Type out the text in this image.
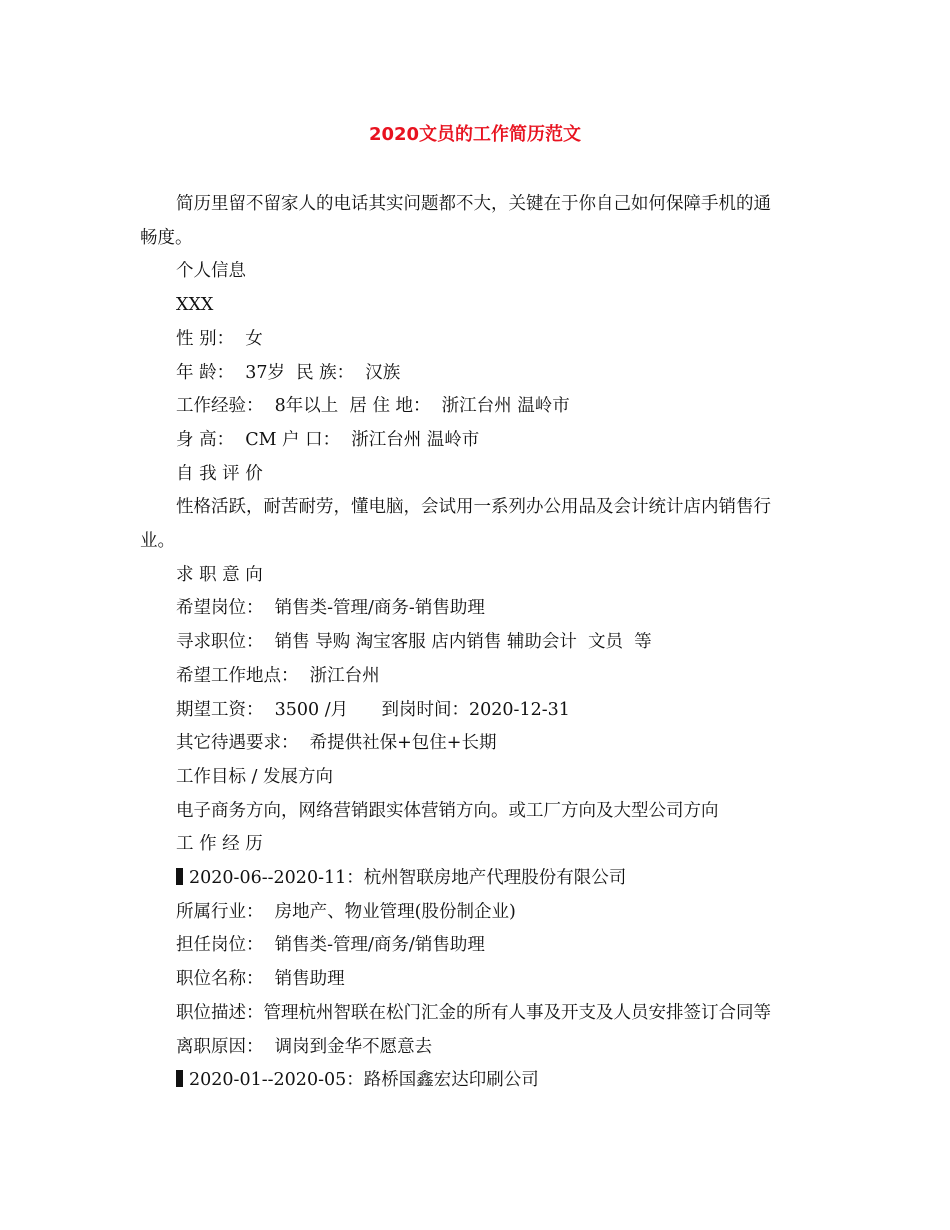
2020文员的工作简历范文

简历里留不留家人的电话其实问题都不大，关键在于你自己如何保障手机的通

畅度。

个人信息

XXX

性 别：  女

年 龄：  37岁  民 族：  汉族

工作经验：  8年以上  居 住 地：  浙江台州 温岭市

身 高：  CM 户 口：  浙江台州 温岭市

自 我 评 价

性格活跃，耐苦耐劳，懂电脑，会试用一系列办公用品及会计统计店内销售行

业。

求 职 意 向

希望岗位：  销售类-管理/商务-销售助理

寻求职位：  销售 导购 淘宝客服 店内销售 辅助会计  文员  等

希望工作地点：  浙江台州

期望工资：  3500 /月      到岗时间：2020-12-31

其它待遇要求：  希提供社保+包住+长期

工作目标 / 发展方向

电子商务方向，网络营销跟实体营销方向。或工厂方向及大型公司方向

工 作 经 历

2020-06--2020-11：杭州智联房地产代理股份有限公司

所属行业：  房地产、物业管理(股份制企业)

担任岗位：  销售类-管理/商务/销售助理

职位名称：  销售助理

职位描述：管理杭州智联在松门汇金的所有人事及开支及人员安排签订合同等

离职原因：  调岗到金华不愿意去

2020-01--2020-05：路桥国鑫宏达印刷公司
